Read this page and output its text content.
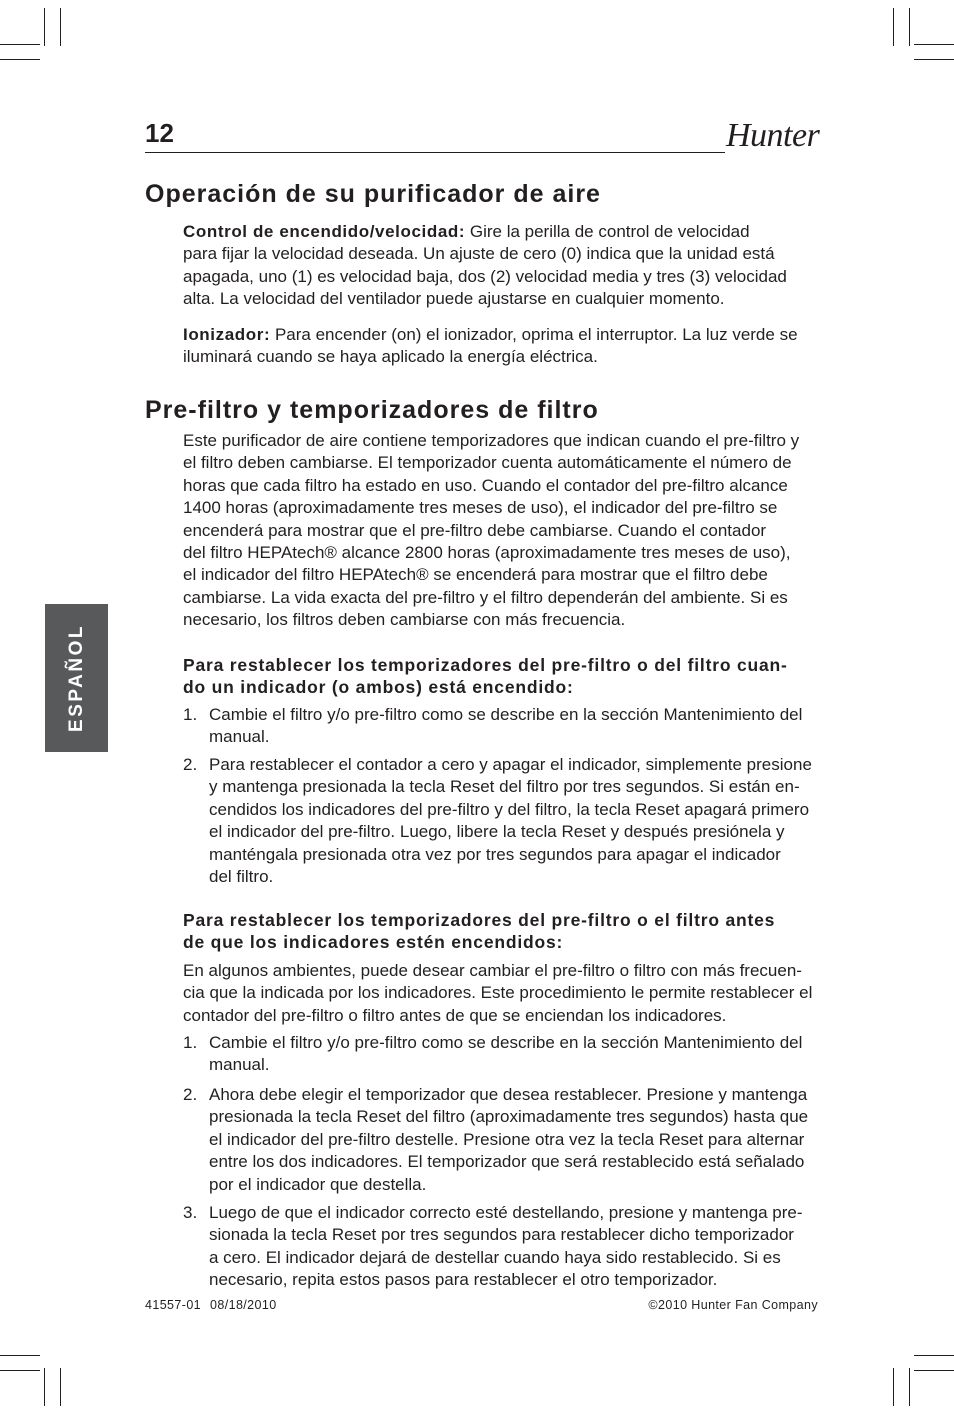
12	Hunter
Operación de su purificador de aire
Control de encendido/velocidad: Gire la perilla de control de velocidad
para fijar la velocidad deseada. Un ajuste de cero (0) indica que la unidad está
apagada, uno (1) es velocidad baja, dos (2) velocidad media y tres (3) velocidad
alta. La velocidad del ventilador puede ajustarse en cualquier momento.
Ionizador: Para encender (on) el ionizador, oprima el interruptor. La luz verde se
iluminará cuando se haya aplicado la energía eléctrica.
Pre-filtro y temporizadores de filtro
Este purificador de aire contiene temporizadores que indican cuando el pre-filtro y
el filtro deben cambiarse. El temporizador cuenta automáticamente el número de
horas que cada filtro ha estado en uso. Cuando el contador del pre-filtro alcance
1400 horas (aproximadamente tres meses de uso), el indicador del pre-filtro se
encenderá para mostrar que el pre-filtro debe cambiarse. Cuando el contador
del filtro HEPAtech® alcance 2800 horas (aproximadamente tres meses de uso),
el indicador del filtro HEPAtech® se encenderá para mostrar que el filtro debe
cambiarse. La vida exacta del pre-filtro y el filtro dependerán del ambiente. Si es
necesario, los filtros deben cambiarse con más frecuencia.
Para restablecer los temporizadores del pre-filtro o del filtro cuan-
do un indicador (o ambos) está encendido:
1. Cambie el filtro y/o pre-filtro como se describe en la sección Mantenimiento del
manual.
2. Para restablecer el contador a cero y apagar el indicador, simplemente presione
y mantenga presionada la tecla Reset del filtro por tres segundos. Si están en-
cendidos los indicadores del pre-filtro y del filtro, la tecla Reset apagará primero
el indicador del pre-filtro. Luego, libere la tecla Reset y después presiónela y
manténgala presionada otra vez por tres segundos para apagar el indicador
del filtro.
Para restablecer los temporizadores del pre-filtro o el filtro antes
de que los indicadores estén encendidos:
En algunos ambientes, puede desear cambiar el pre-filtro o filtro con más frecuen-
cia que la indicada por los indicadores. Este procedimiento le permite restablecer el
contador del pre-filtro o filtro antes de que se enciendan los indicadores.
1. Cambie el filtro y/o pre-filtro como se describe en la sección Mantenimiento del
manual.
2. Ahora debe elegir el temporizador que desea restablecer. Presione y mantenga
presionada la tecla Reset del filtro (aproximadamente tres segundos) hasta que
el indicador del pre-filtro destelle. Presione otra vez la tecla Reset para alternar
entre los dos indicadores. El temporizador que será restablecido está señalado
por el indicador que destella.
3. Luego de que el indicador correcto esté destellando, presione y mantenga pre-
sionada la tecla Reset por tres segundos para restablecer dicho temporizador
a cero. El indicador dejará de destellar cuando haya sido restablecido. Si es
necesario, repita estos pasos para restablecer el otro temporizador.
ESPAÑOL
41557-01 08/18/2010	©2010 Hunter Fan Company
